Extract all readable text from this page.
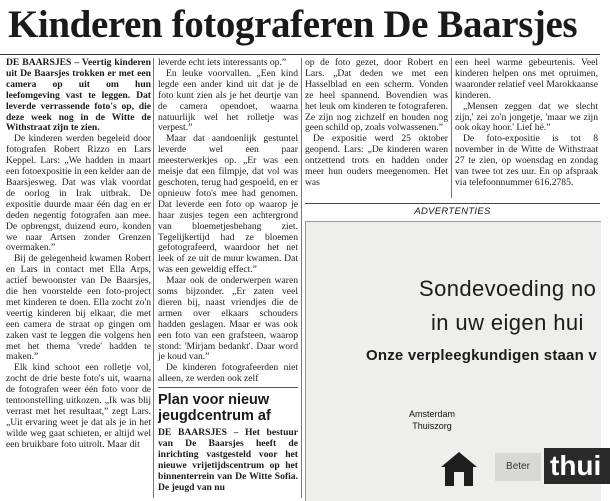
Kinderen fotograferen De Baarsjes

DE BAARSJES – Veertig kinderen uit De Baarsjes trokken er met een camera op uit om hun leefomgeving vast te leggen. Dat leverde verrassende foto's op, die deze week nog in de Witte de Withstraat zijn te zien.

De kinderen werden begeleid door fotografen Robert Rizzo en Lars Keppel. Lars: „We hadden in maart een fotoexpositie in een kelder aan de Baarsjesweg. Dat was vlak voordat de oorlog in Irak uitbrak. De expositie duurde maar één dag en er deden negentig fotografen aan mee. De opbrengst, duizend euro, konden we naar Artsen zonder Grenzen overmaken.”

Bij de gelegenheid kwamen Robert en Lars in contact met Ella Arps, actief bewoonster van De Baarsjes, die hen voorstelde een foto-project met kinderen te doen. Ella zocht zo'n veertig kinderen bij elkaar, die met een camera de straat op gingen om zaken vast te leggen die volgens hen met het thema 'vrede' hadden te maken.”

Elk kind schoot een rolletje vol, zocht de drie beste foto's uit, waarna de fotografen weer één foto voor de tentoonstelling uitkozen. „Ik was blij verrast met het resultaat,” zegt Lars. „Uit ervaring weet je dat als je in het wilde weg gaat schieten, er altijd wel een bruikbare foto uitrolt. Maar dit

leverde echt iets interessants op.”

En leuke voorvallen. „Een kind legde een ander kind uit dat je de foto kunt zien als je het deurtje van de camera opendoet, waarna natuurlijk wel het rolletje was verpest.”

Maar dat aandoenlijk gestuntel leverde wel een paar meesterwerkjes op. „Er was een meisje dat een filmpje, dat vol was geschoten, terug had gespoeld, en er opnieuw foto's mee had genomen. Dat leverde een foto op waarop je haar zusjes tegen een achtergrond van bloemetjesbehang ziet. Tegelijkertijd had ze bloemen gefotografeerd, waardoor het net leek of ze uit de muur kwamen. Dat was een geweldig effect.”

Maar ook de onderwerpen waren soms bijzonder. „Er zaten veel dieren bij, naast vriendjes die de armen over elkaars schouders hadden geslagen. Maar er was ook een foto van een grafsteen, waarop stond: 'Mirjam bedankt'. Daar word je koud van.”

De kinderen fotografeerden niet alleen, ze werden ook zelf

op de foto gezet, door Robert en Lars. „Dat deden we met een Hasselblad en een scherm. Vonden ze heel spannend. Bovendien was het leuk om kinderen te fotograferen. Ze zijn nog zichzelf en houden nog geen schild op, zoals volwassenen.”

De expositie werd 25 oktober geopend. Lars: „De kinderen waren ontzettend trots en hadden onder meer hun ouders meegenomen. Het was

een heel warme gebeurtenis. Veel kinderen helpen ons met opruimen, waaronder relatief veel Marokkaanse kinderen.

„Mensen zeggen dat we slecht zijn,' zei zo'n jongetje, 'maar we zijn ook okay hoor.' Lief hé.”

De foto-expositie is tot 8 november in de Witte de Withstraat 27 te zien, op woensdag en zondag van twee tot zes uur. En op afspraak via telefoonnummer 616.2785.

Plan voor nieuw jeugdcentrum af

DE BAARSJES – Het bestuur van De Baarsjes heeft de inrichting vastgesteld voor het nieuwe vrijetijdscentrum op het binnenterrein van De Witte Sofia. De jeugd van nu

ADVERTENTIES
Sondevoeding no
in uw eigen hui
Onze verpleegkundigen staan v
Amsterdam
Thuiszorg
Beter thui
